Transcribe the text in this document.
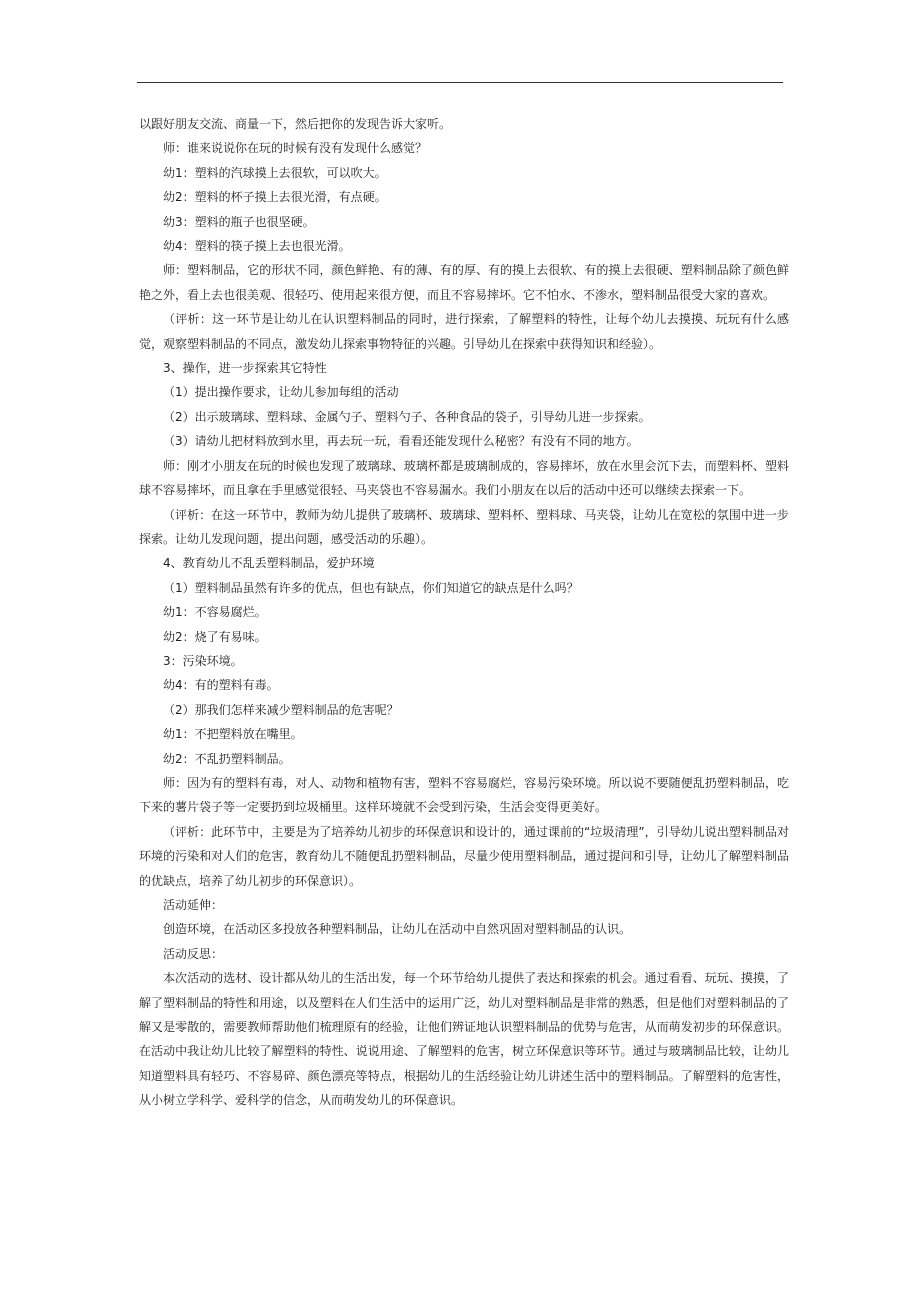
以跟好朋友交流、商量一下，然后把你的发现告诉大家听。

师：谁来说说你在玩的时候有没有发现什么感觉？

幼1：塑料的汽球摸上去很软，可以吹大。

幼2：塑料的杯子摸上去很光滑，有点硬。

幼3：塑料的瓶子也很坚硬。

幼4：塑料的筷子摸上去也很光滑。

师：塑料制品，它的形状不同，颜色鲜艳、有的薄、有的厚、有的摸上去很软、有的摸上去很硬、塑料制品除了颜色鲜艳之外，看上去也很美观、很轻巧、使用起来很方便，而且不容易摔坏。它不怕水、不渗水，塑料制品很受大家的喜欢。

（评析：这一环节是让幼儿在认识塑料制品的同时，进行探索，了解塑料的特性，让每个幼儿去摸摸、玩玩有什么感觉，观察塑料制品的不同点，激发幼儿探索事物特征的兴趣。引导幼儿在探索中获得知识和经验）。

3、操作，进一步探索其它特性

（1）提出操作要求，让幼儿参加每组的活动

（2）出示玻璃球、塑料球、金属勺子、塑料勺子、各种食品的袋子，引导幼儿进一步探索。

（3）请幼儿把材料放到水里，再去玩一玩，看看还能发现什么秘密？有没有不同的地方。

师：刚才小朋友在玩的时候也发现了玻璃球、玻璃杯都是玻璃制成的，容易摔坏，放在水里会沉下去，而塑料杯、塑料球不容易摔坏，而且拿在手里感觉很轻、马夹袋也不容易漏水。我们小朋友在以后的活动中还可以继续去探索一下。

（评析：在这一环节中，教师为幼儿提供了玻璃杯、玻璃球、塑料杯、塑料球、马夹袋，让幼儿在宽松的氛围中进一步探索。让幼儿发现问题，提出问题，感受活动的乐趣）。

4、教育幼儿不乱丢塑料制品，爱护环境

（1）塑料制品虽然有许多的优点，但也有缺点，你们知道它的缺点是什么吗？

幼1：不容易腐烂。

幼2：烧了有易味。

3：污染环境。

幼4：有的塑料有毒。

（2）那我们怎样来减少塑料制品的危害呢？

幼1：不把塑料放在嘴里。

幼2：不乱扔塑料制品。

师：因为有的塑料有毒，对人、动物和植物有害，塑料不容易腐烂，容易污染环境。所以说不要随便乱扔塑料制品，吃下来的薯片袋子等一定要扔到垃圾桶里。这样环境就不会受到污染，生活会变得更美好。

（评析：此环节中，主要是为了培养幼儿初步的环保意识和设计的，通过课前的“垃圾清理”，引导幼儿说出塑料制品对环境的污染和对人们的危害，教育幼儿不随便乱扔塑料制品，尽量少使用塑料制品，通过提问和引导，让幼儿了解塑料制品的优缺点，培养了幼儿初步的环保意识）。

活动延伸：

创造环境，在活动区多投放各种塑料制品，让幼儿在活动中自然巩固对塑料制品的认识。

活动反思：

本次活动的选材、设计都从幼儿的生活出发，每一个环节给幼儿提供了表达和探索的机会。通过看看、玩玩、摸摸，了解了塑料制品的特性和用途，以及塑料在人们生活中的运用广泛，幼儿对塑料制品是非常的熟悉，但是他们对塑料制品的了解又是零散的，需要教师帮助他们梳理原有的经验，让他们辨证地认识塑料制品的优势与危害，从而萌发初步的环保意识。在活动中我让幼儿比较了解塑料的特性、说说用途、了解塑料的危害，树立环保意识等环节。通过与玻璃制品比较，让幼儿知道塑料具有轻巧、不容易碎、颜色漂亮等特点，根据幼儿的生活经验让幼儿讲述生活中的塑料制品。了解塑料的危害性，从小树立学科学、爱科学的信念，从而萌发幼儿的环保意识。
